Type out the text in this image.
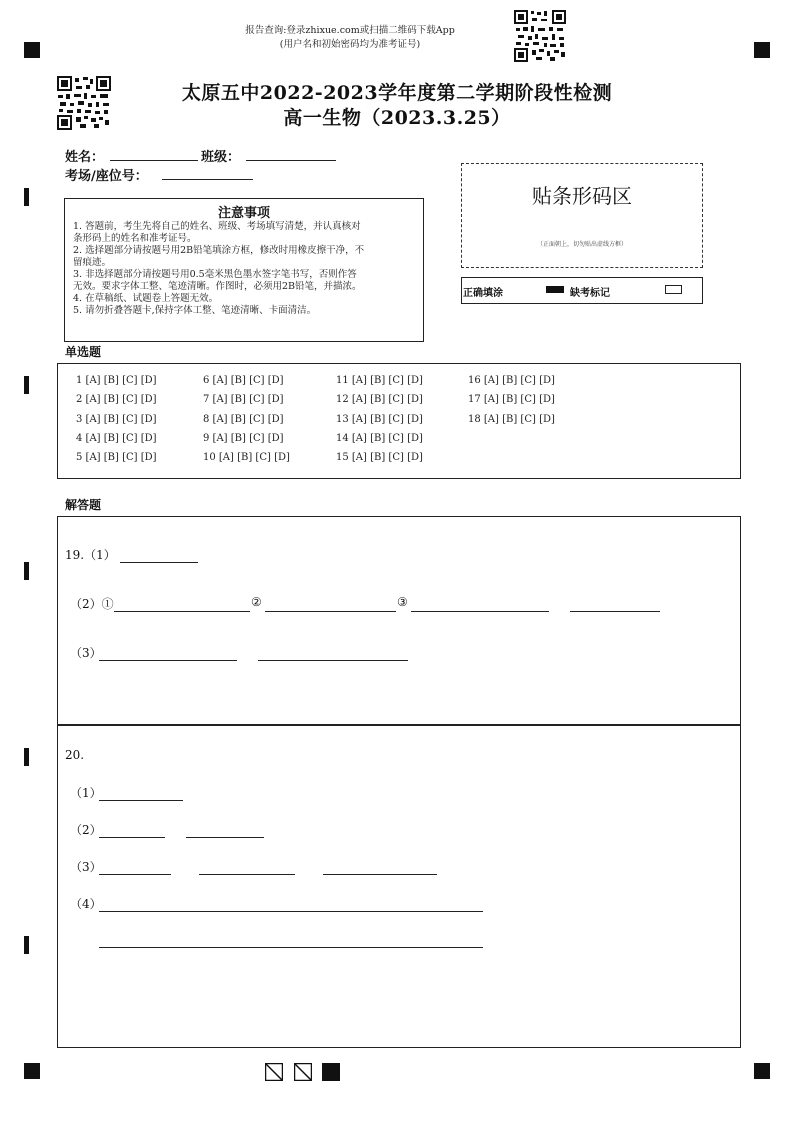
报告查询:登录zhixue.com或扫描二维码下载App
(用户名和初始密码均为准考证号)
太原五中2022-2023学年度第二学期阶段性检测
高一生物（2023.3.25）
姓名：	班级：
考场/座位号：
注意事项
1. 答题前，考生先将自己的姓名、班级、考场填写清楚，并认真核对
条形码上的姓名和准考证号。
2. 选择题部分请按题号用2B铅笔填涂方框，修改时用橡皮擦干净，不
留痕迹。
3. 非选择题部分请按题号用0.5毫米黑色墨水签字笔书写，否则作答
无效。要求字体工整、笔迹清晰。作图时，必须用2B铅笔，并描浓。
4. 在草稿纸、试题卷上答题无效。
5. 请勿折叠答题卡,保持字体工整、笔迹清晰、卡面清洁。
贴条形码区
（正面朝上，切勿贴出虚线方框）
正确填涂	缺考标记
单选题
1 [A] [B] [C] [D]
2 [A] [B] [C] [D]
3 [A] [B] [C] [D]
4 [A] [B] [C] [D]
5 [A] [B] [C] [D]
6 [A] [B] [C] [D]
7 [A] [B] [C] [D]
8 [A] [B] [C] [D]
9 [A] [B] [C] [D]
10 [A] [B] [C] [D]
11 [A] [B] [C] [D]
12 [A] [B] [C] [D]
13 [A] [B] [C] [D]
14 [A] [B] [C] [D]
15 [A] [B] [C] [D]
16 [A] [B] [C] [D]
17 [A] [B] [C] [D]
18 [A] [B] [C] [D]
解答题
19.（1）
（2）①	②	③
（3）
20.
（1）
（2）
（3）
（4）
